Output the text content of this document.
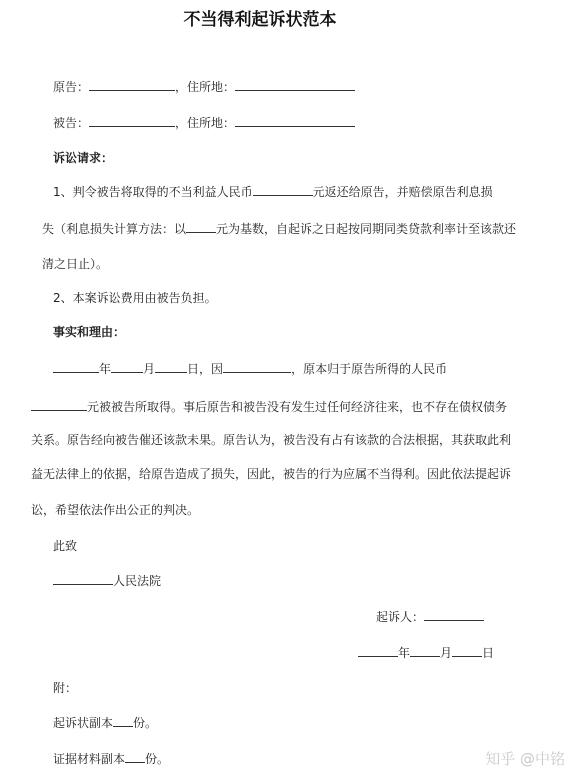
不当得利起诉状范本
原告：	，住所地：
被告：	，住所地：
诉讼请求：
1、判令被告将取得的不当利益人民币	元返还给原告，并赔偿原告利息损
失（利息损失计算方法：以	元为基数，自起诉之日起按同期同类贷款利率计至该款还
清之日止）。
2、本案诉讼费用由被告负担。
事实和理由：
年	月	日，因	，原本归于原告所得的人民币
元被被告所取得。事后原告和被告没有发生过任何经济往来，也不存在债权债务
关系。原告经向被告催还该款未果。原告认为，被告没有占有该款的合法根据，其获取此利
益无法律上的依据，给原告造成了损失，因此，被告的行为应属不当得利。因此依法提起诉
讼，希望依法作出公正的判决。
此致
人民法院
起诉人：
年	月	日
附：
起诉状副本 份。
证据材料副本 份。	知乎 @中铭
